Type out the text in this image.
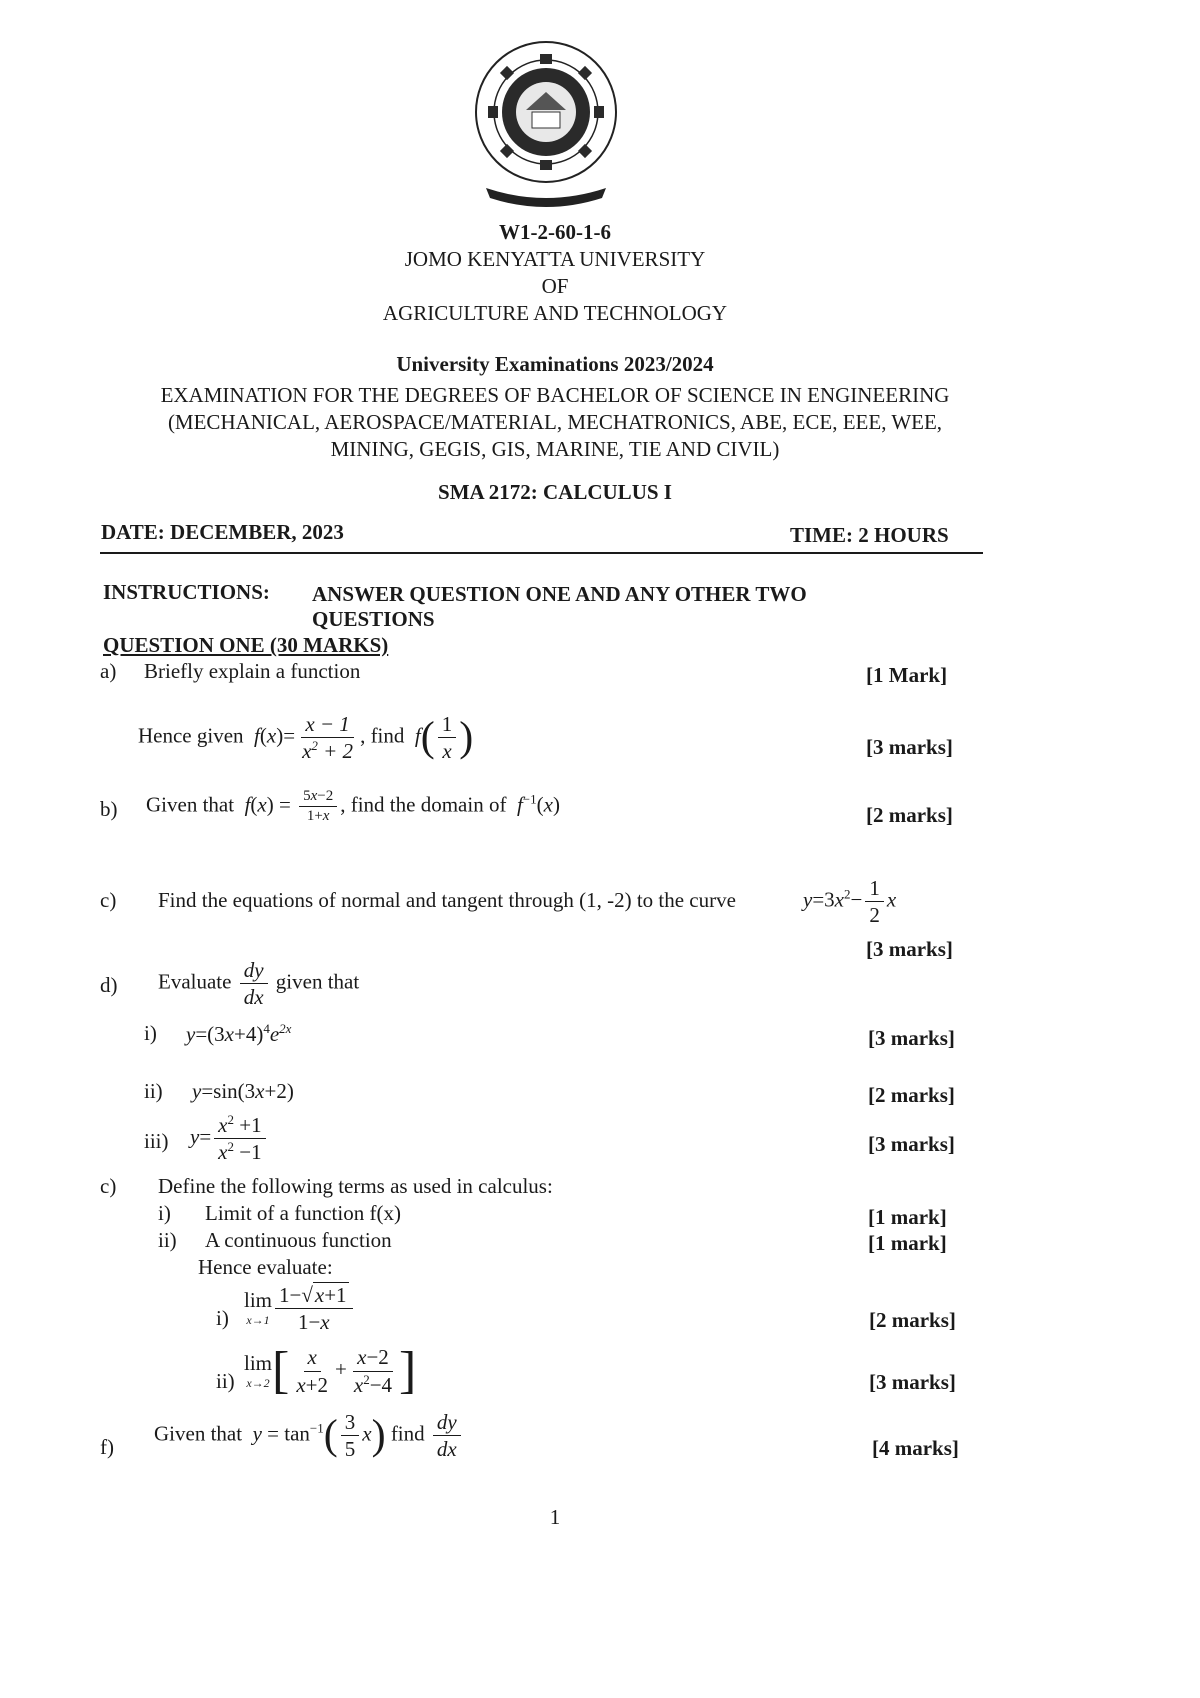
W1-2-60-1-6
JOMO KENYATTA UNIVERSITY
OF
AGRICULTURE AND TECHNOLOGY
University Examinations 2023/2024
EXAMINATION FOR THE DEGREES OF BACHELOR OF SCIENCE IN ENGINEERING
(MECHANICAL, AEROSPACE/MATERIAL, MECHATRONICS, ABE, ECE, EEE, WEE,
MINING, GEGIS, GIS, MARINE, TIE AND CIVIL)
SMA 2172: CALCULUS I
DATE: DECEMBER, 2023	TIME: 2 HOURS
INSTRUCTIONS: ANSWER QUESTION ONE AND ANY OTHER TWO
QUESTIONS
QUESTION ONE (30 MARKS)
a) Briefly explain a function	[1 Mark]
Hence given  $f(x)= \frac{x - 1}{x^2 + 2}$ , find  $f( \frac{1}{x}$ )	[3 marks]
b) Given that  $f(x) = \frac{5x-2}{1+x}$ , find the domain of  $f^{-1}(x)$	[2 marks]
c) Find the equations of normal and tangent through (1, -2) to the curve	$y=3x^2- \frac{1}{2}$ x
[3 marks]
d) Evaluate $\frac{dy}{dx}$ given that
i) $y=(3x+4)^4e^{2x}$	[3 marks]
ii) y=sin(3x+2)	[2 marks]
iii) $y= \frac{x^2 +1}{x^2 -1}$	[3 marks]
c) Define the following terms as used in calculus:
i) Limit of a function f(x)	[1 mark]
ii) A continuous function	[1 mark]
Hence evaluate:
i)
lim
$x\to 1 \frac{1-√x+1}{1-x}$	[2 marks]
ii)
lim
x→2 [ $\frac{x}{x+2} + \frac{x-2}{x^2-4}$ ]	[3 marks]
f)
Given that  $y = \tan^{-1}( \frac{3}{5} x)$ find $\frac{dy}{dx}$	[4 marks]
1
